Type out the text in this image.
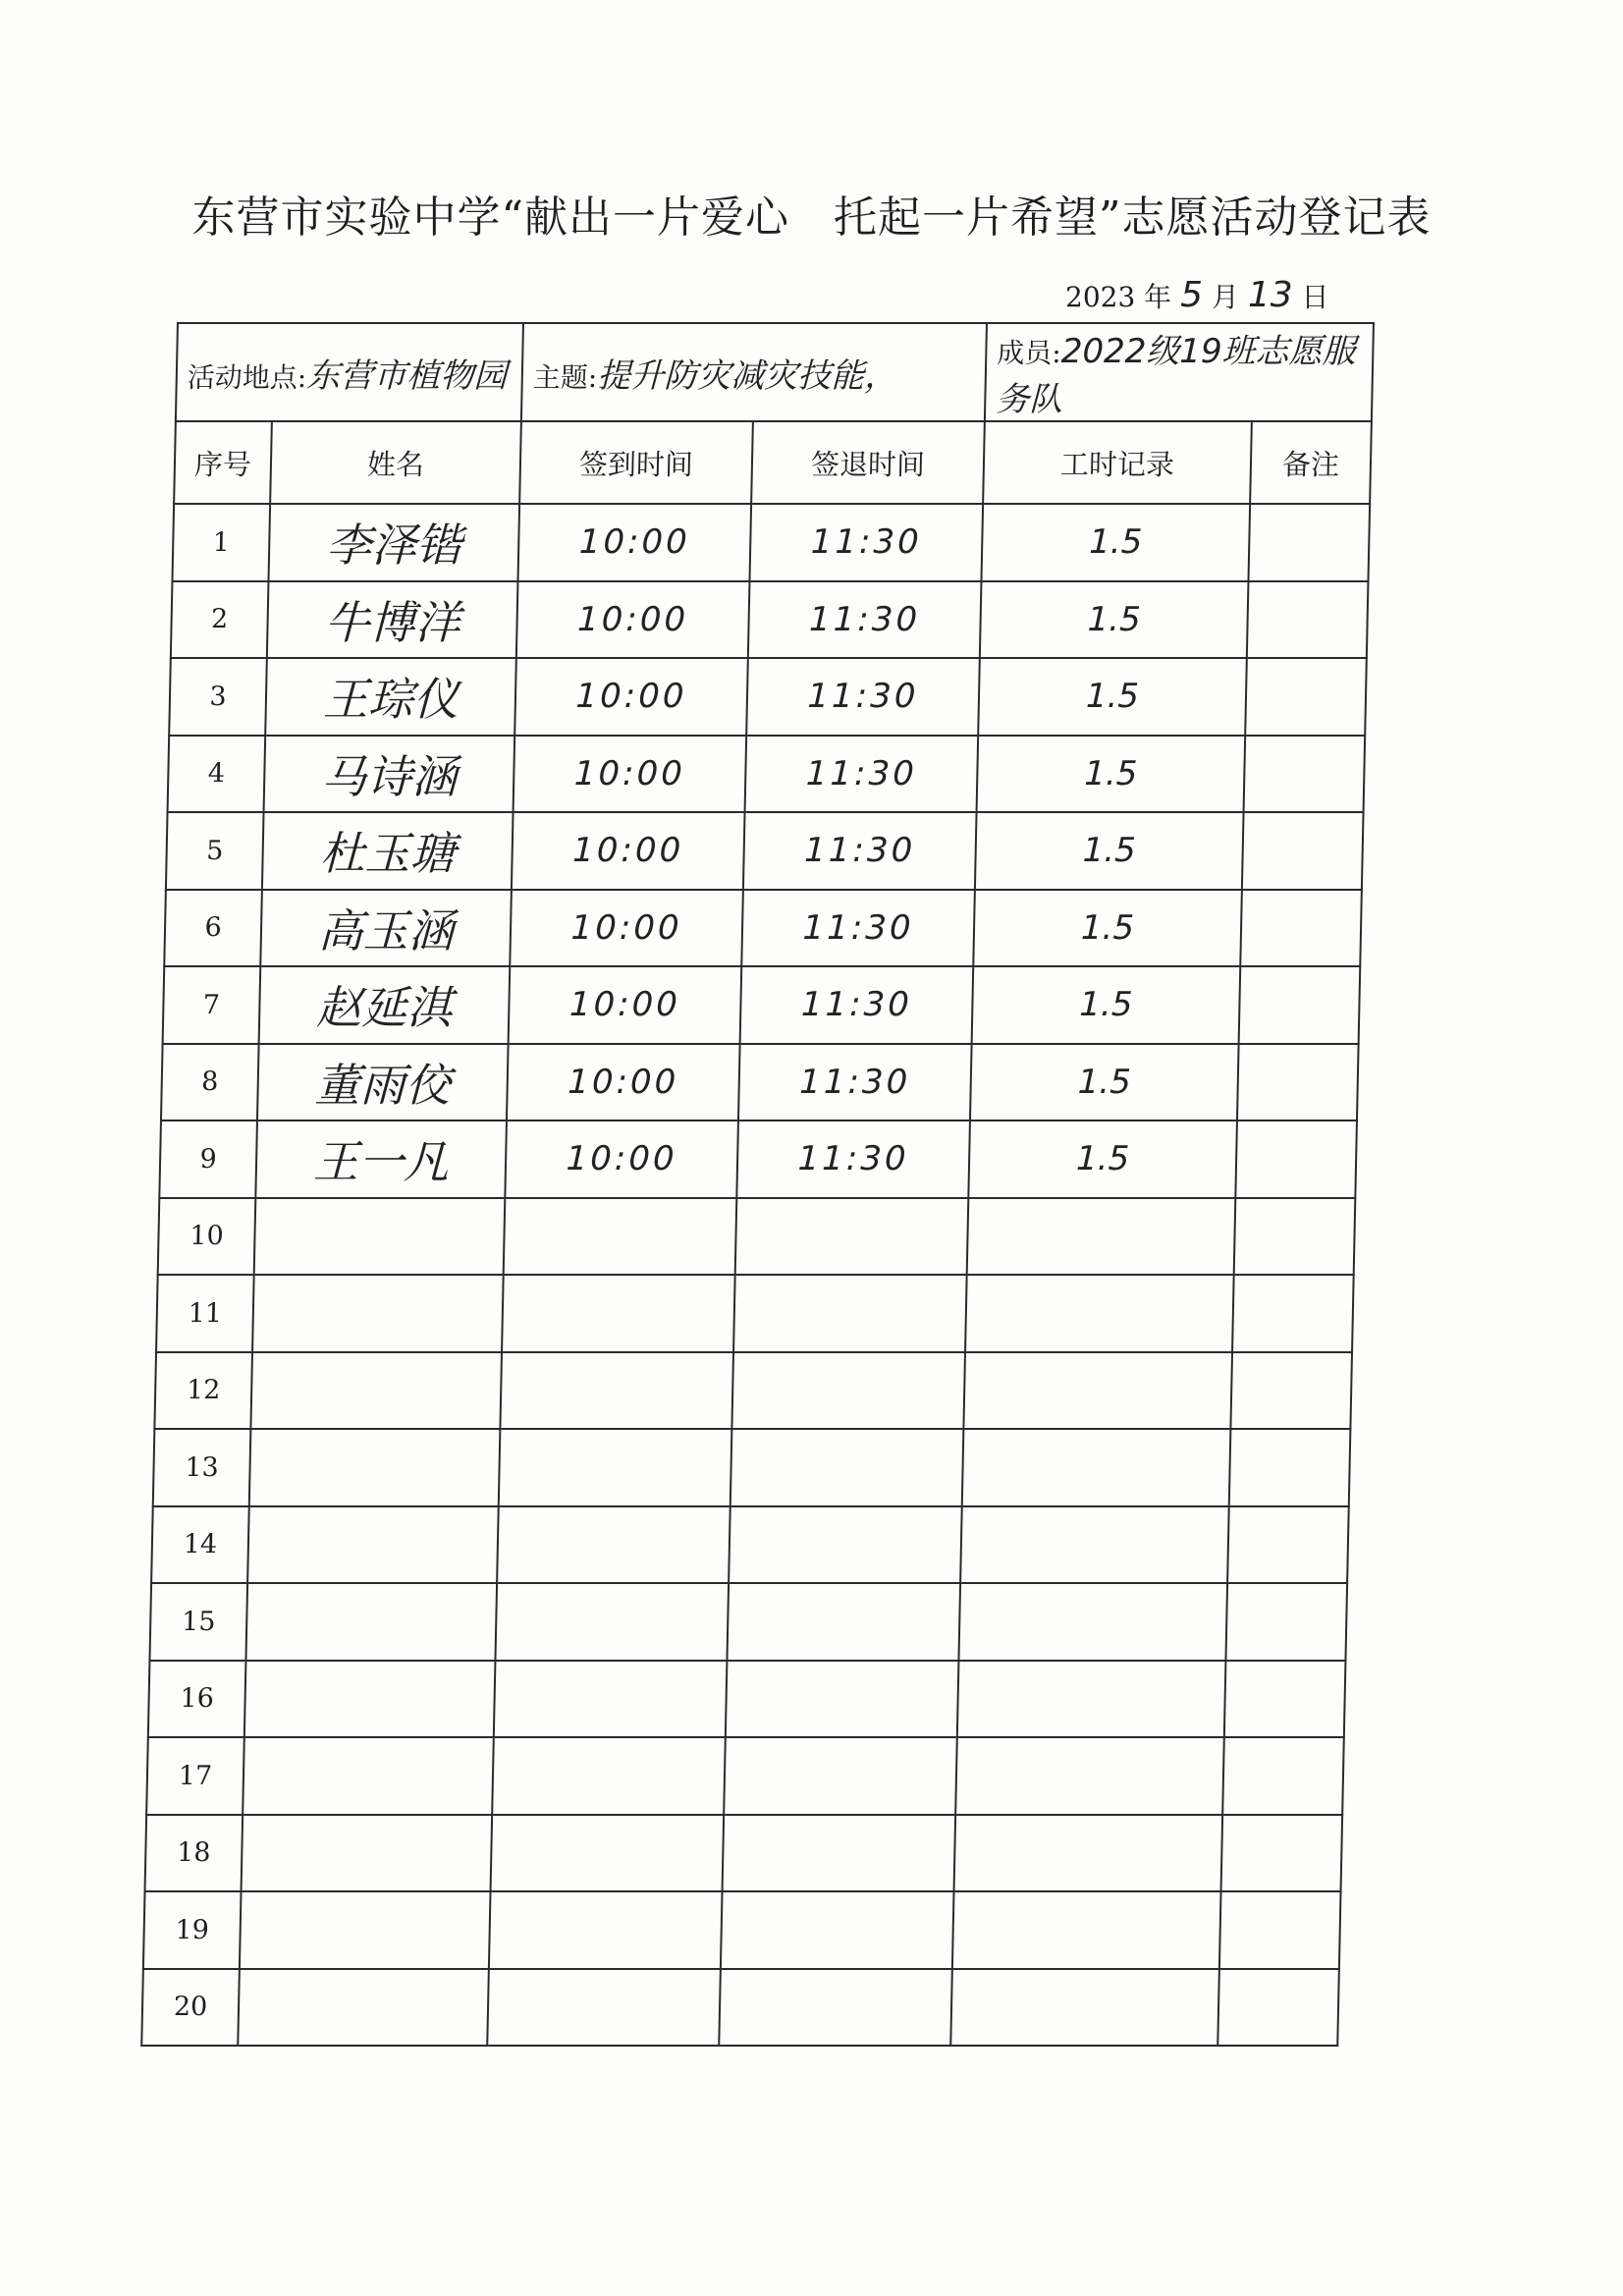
东营市实验中学“献出一片爱心　托起一片希望”志愿活动登记表
2023 年 5 月 13 日
活动地点:东营市植物园		主题:提升防灾减灾技能，		成员:2022级19班志愿服务队	
序号	姓名	签到时间	签退时间	工时记录	备注
1	李泽锴	10:00	11:30	1.5	
2	牛博洋	10:00	11:30	1.5	
3	王琮仪	10:00	11:30	1.5	
4	马诗涵	10:00	11:30	1.5	
5	杜玉瑭	10:00	11:30	1.5	
6	高玉涵	10:00	11:30	1.5	
7	赵延淇	10:00	11:30	1.5	
8	董雨佼	10:00	11:30	1.5	
9	王一凡	10:00	11:30	1.5	
10					
11					
12					
13					
14					
15					
16					
17					
18					
19					
20					
